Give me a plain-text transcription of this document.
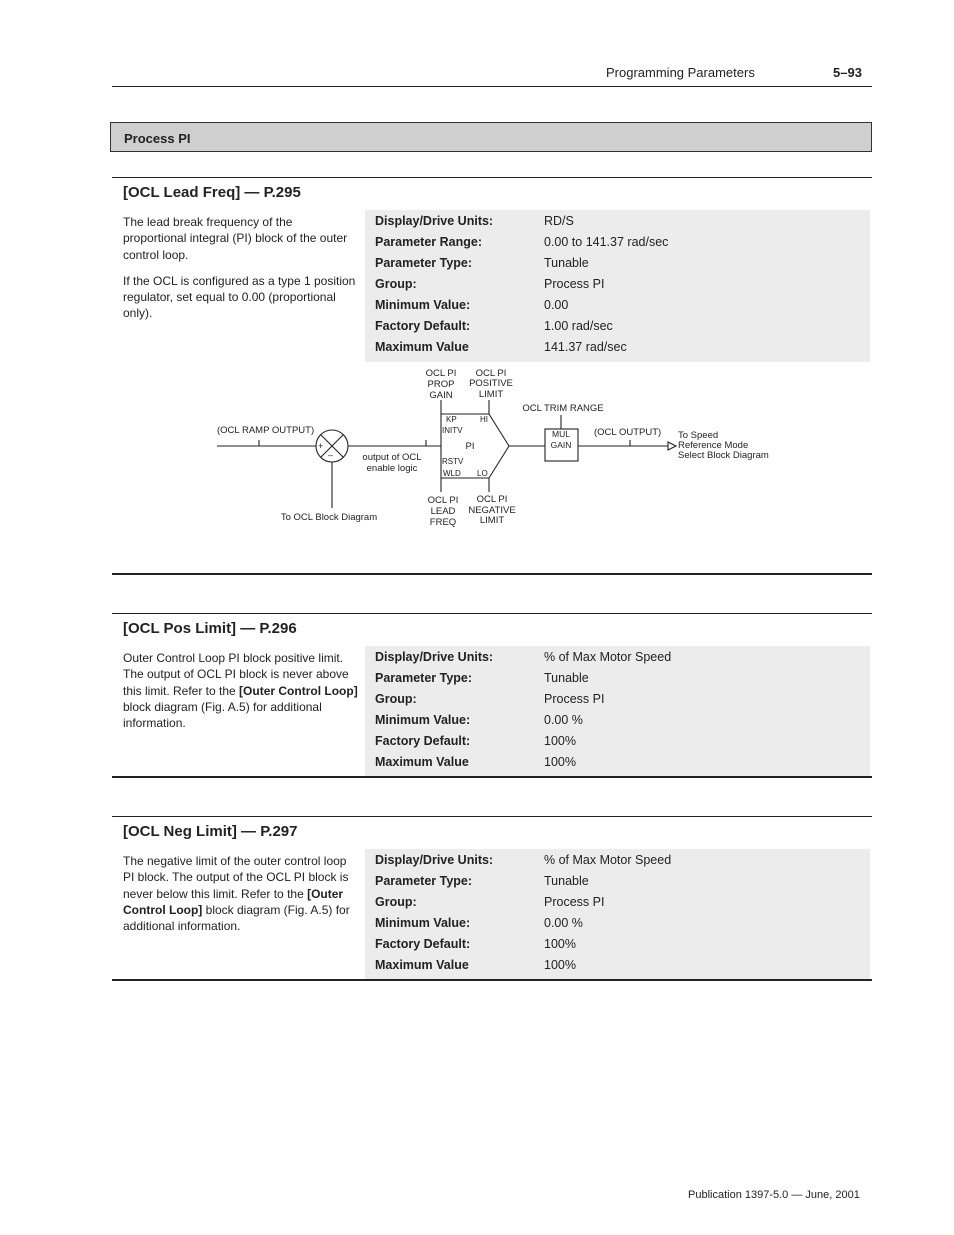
Programming Parameters	5–93
Process PI
[OCL Lead Freq] — P.295

The lead break frequency of the proportional integral (PI) block of the outer control loop.

If the OCL is configured as a type 1 position regulator, set equal to 0.00 (proportional only).

Display/Drive Units:	RD/S
Parameter Range:	0.00 to 141.37 rad/sec
Parameter Type:	Tunable
Group:	Process PI
Minimum Value:	0.00
Factory Default:	1.00 rad/sec
Maximum Value	141.37 rad/sec
(OCL RAMP OUTPUT)
+
–	output of OCL
enable logic
To OCL Block Diagram
OCL PI
PROP
GAIN
OCL PI
POSITIVE
LIMIT
KP
INITV
RSTV
WLD
HI
LO
PI
OCL PI
LEAD
FREQ
OCL PI
NEGATIVE
LIMIT
OCL TRIM RANGE
MUL
GAIN
(OCL OUTPUT) To Speed
Reference Mode
Select Block Diagram
[OCL Pos Limit] — P.296
Outer Control Loop PI block positive limit. The output of OCL PI block is never above this limit. Refer to the [Outer Control Loop] block diagram (Fig. A.5) for additional information.
Display/Drive Units:	% of Max Motor Speed
Parameter Type:	Tunable
Group:	Process PI
Minimum Value:	0.00 %
Factory Default:	100%
Maximum Value	100%
[OCL Neg Limit] — P.297
The negative limit of the outer control loop PI block. The output of the OCL PI block is never below this limit. Refer to the [Outer Control Loop] block diagram (Fig. A.5) for additional information.
Display/Drive Units:	% of Max Motor Speed
Parameter Type:	Tunable
Group:	Process PI
Minimum Value:	0.00 %
Factory Default:	100%
Maximum Value	100%
Publication 1397-5.0 — June, 2001
